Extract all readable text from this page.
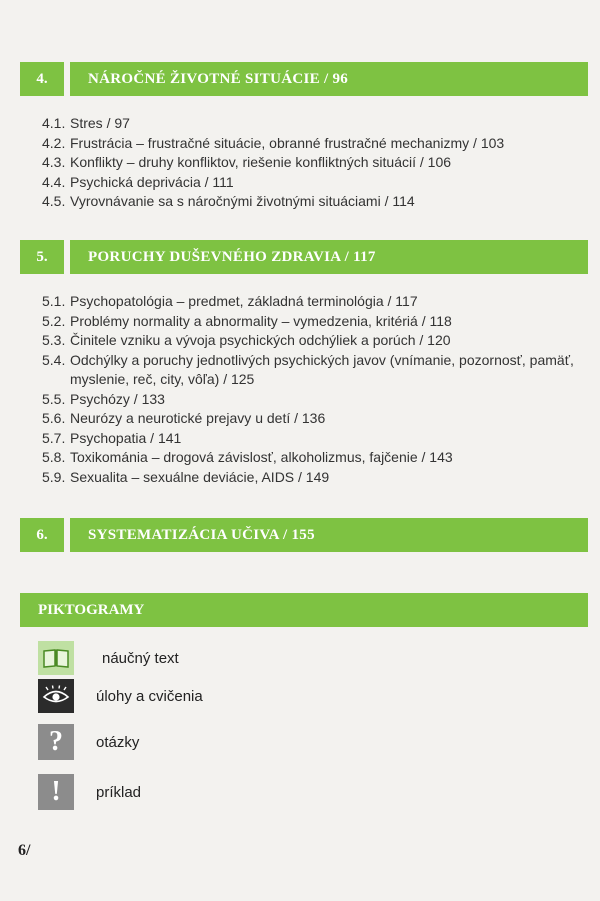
4.	NÁROČNÉ ŽIVOTNÉ SITUÁCIE / 96
4.1. Stres / 97
4.2. Frustrácia – frustračné situácie, obranné frustračné mechanizmy / 103
4.3. Konflikty – druhy konfliktov, riešenie konfliktných situácií / 106
4.4. Psychická deprivácia / 111
4.5. Vyrovnávanie sa s náročnými životnými situáciami / 114
5.	PORUCHY DUŠEVNÉHO ZDRAVIA / 117
5.1. Psychopatológia – predmet, základná terminológia / 117
5.2. Problémy normality a abnormality – vymedzenia, kritériá / 118
5.3. Činitele vzniku a vývoja psychických odchýliek a porúch / 120
5.4. Odchýlky a poruchy jednotlivých psychických javov (vnímanie, pozornosť, pamäť, myslenie, reč, city, vôľa) / 125
5.5. Psychózy / 133
5.6. Neurózy a neurotické prejavy u detí / 136
5.7. Psychopatia / 141
5.8. Toxikománia – drogová závislosť, alkoholizmus, fajčenie / 143
5.9. Sexualita – sexuálne deviácie, AIDS / 149
6.	SYSTEMATIZÁCIA UČIVA / 155
PIKTOGRAMY
náučný text
úlohy a cvičenia
? otázky
! príklad
6/
